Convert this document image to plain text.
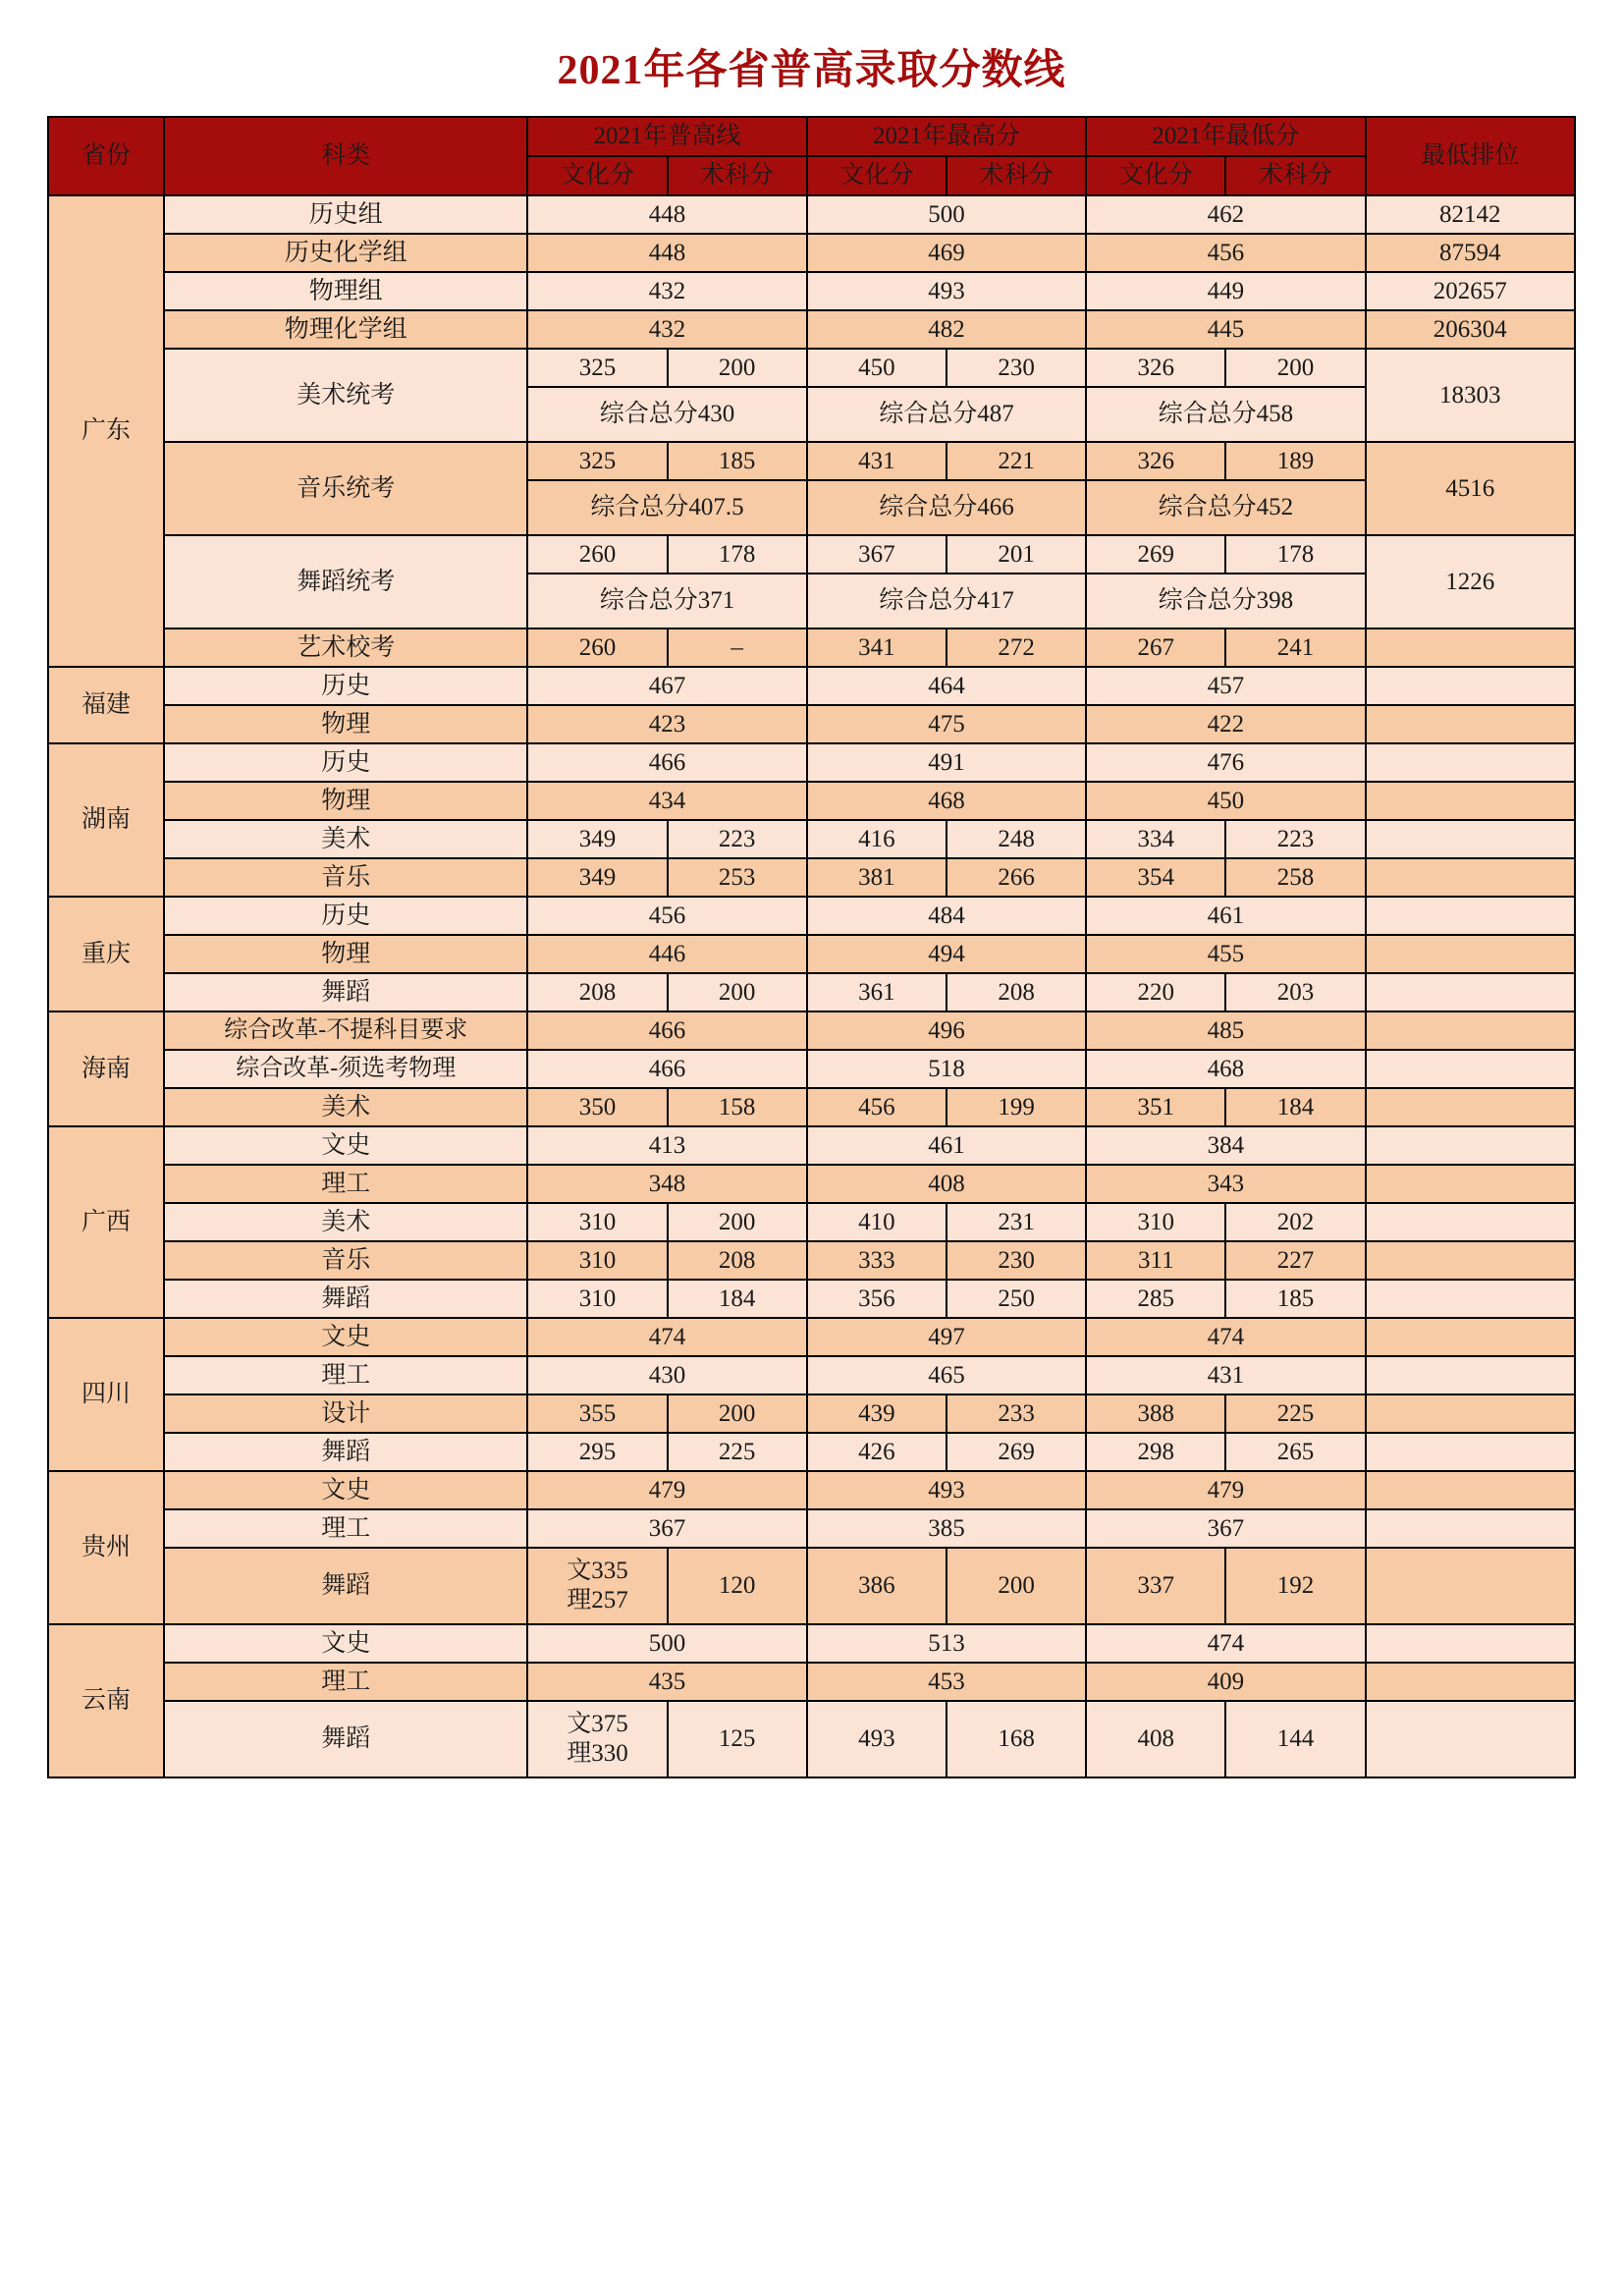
2021年各省普高录取分数线
省份	科类	2021年普高线		2021年最高分		2021年最低分		最低排位
		文化分	术科分	文化分	术科分	文化分	术科分	
广东	历史组	448		500		462		82142
	历史化学组	448		469		456		87594
	物理组	432		493		449		202657
	物理化学组	432		482		445		206304
	美术统考	325	200	450	230	326	200	18303
		综合总分430		综合总分487		综合总分458		
	音乐统考	325	185	431	221	326	189	4516
		综合总分407.5		综合总分466		综合总分452		
	舞蹈统考	260	178	367	201	269	178	1226
		综合总分371		综合总分417		综合总分398		
	艺术校考	260	–	341	272	267	241	
福建	历史	467		464		457		
	物理	423		475		422		
湖南	历史	466		491		476		
	物理	434		468		450		
	美术	349	223	416	248	334	223	
	音乐	349	253	381	266	354	258	
重庆	历史	456		484		461		
	物理	446		494		455		
	舞蹈	208	200	361	208	220	203	
海南	综合改革-不提科目要求	466		496		485		
	综合改革-须选考物理	466		518		468		
	美术	350	158	456	199	351	184	
广西	文史	413		461		384		
	理工	348		408		343		
	美术	310	200	410	231	310	202	
	音乐	310	208	333	230	311	227	
	舞蹈	310	184	356	250	285	185	
四川	文史	474		497		474		
	理工	430		465		431		
	设计	355	200	439	233	388	225	
	舞蹈	295	225	426	269	298	265	
贵州	文史	479		493		479		
	理工	367		385		367		
	舞蹈	文335
理257	120	386	200	337	192	
云南	文史	500		513		474		
	理工	435		453		409		
	舞蹈	文375
理330	125	493	168	408	144	
